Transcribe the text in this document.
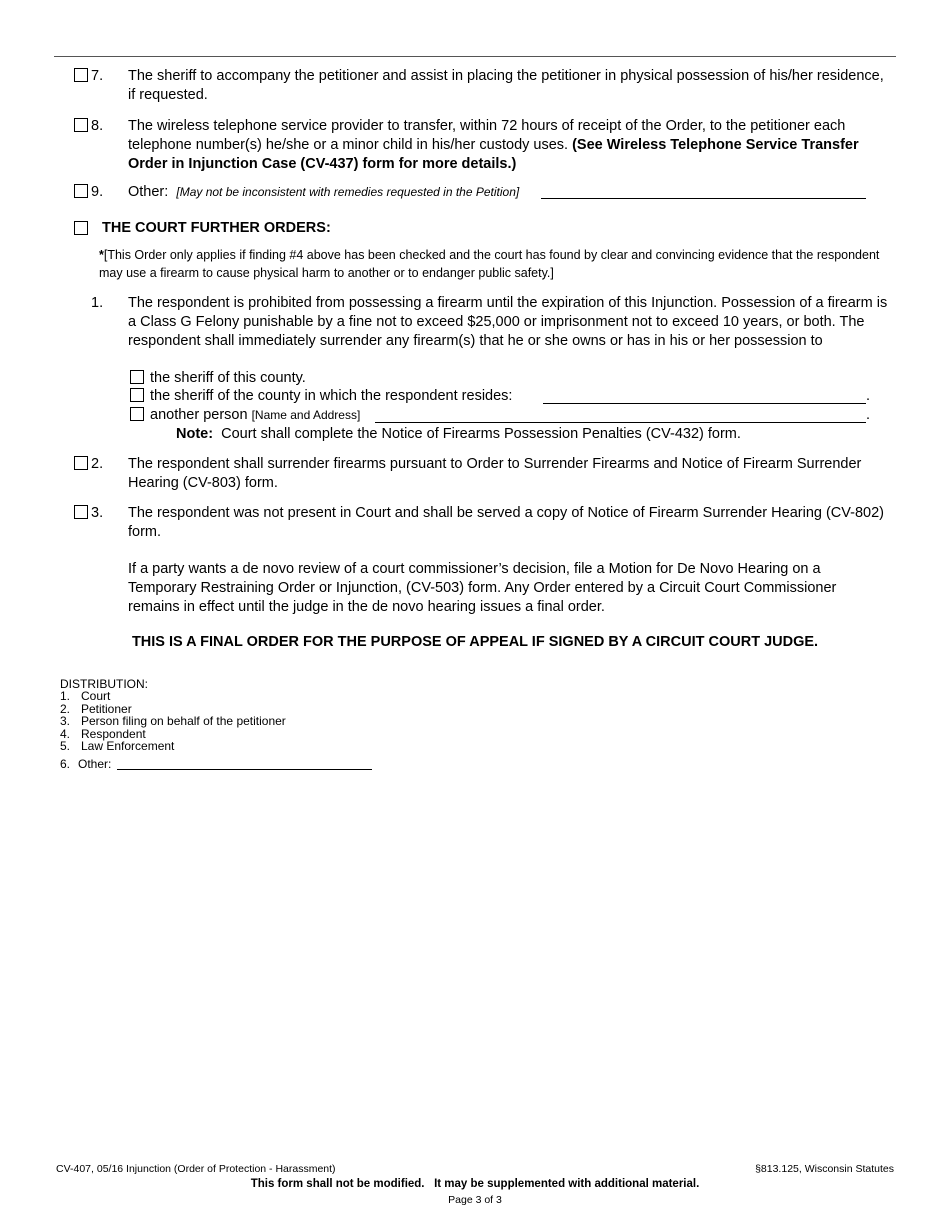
7. The sheriff to accompany the petitioner and assist in placing the petitioner in physical possession of his/her residence, if requested.
8. The wireless telephone service provider to transfer, within 72 hours of receipt of the Order, to the petitioner each telephone number(s) he/she or a minor child in his/her custody uses. (See Wireless Telephone Service Transfer Order in Injunction Case (CV-437) form for more details.)
9. Other: [May not be inconsistent with remedies requested in the Petition]
THE COURT FURTHER ORDERS:
*[This Order only applies if finding #4 above has been checked and the court has found by clear and convincing evidence that the respondent may use a firearm to cause physical harm to another or to endanger public safety.]
1. The respondent is prohibited from possessing a firearm until the expiration of this Injunction. Possession of a firearm is a Class G Felony punishable by a fine not to exceed $25,000 or imprisonment not to exceed 10 years, or both. The respondent shall immediately surrender any firearm(s) that he or she owns or has in his or her possession to
the sheriff of this county.
the sheriff of the county in which the respondent resides:	.
another person [Name and Address]	.
Note: Court shall complete the Notice of Firearms Possession Penalties (CV-432) form.
2. The respondent shall surrender firearms pursuant to Order to Surrender Firearms and Notice of Firearm Surrender Hearing (CV-803) form.
3. The respondent was not present in Court and shall be served a copy of Notice of Firearm Surrender Hearing (CV-802) form.
If a party wants a de novo review of a court commissioner’s decision, file a Motion for De Novo Hearing on a Temporary Restraining Order or Injunction, (CV-503) form. Any Order entered by a Circuit Court Commissioner remains in effect until the judge in the de novo hearing issues a final order.
THIS IS A FINAL ORDER FOR THE PURPOSE OF APPEAL IF SIGNED BY A CIRCUIT COURT JUDGE.
DISTRIBUTION:
1. Court
2. Petitioner
3. Person filing on behalf of the petitioner
4. Respondent
5. Law Enforcement
6. Other:
CV-407, 05/16 Injunction (Order of Protection - Harassment)	§813.125, Wisconsin Statutes
This form shall not be modified.   It may be supplemented with additional material.
Page 3 of 3
